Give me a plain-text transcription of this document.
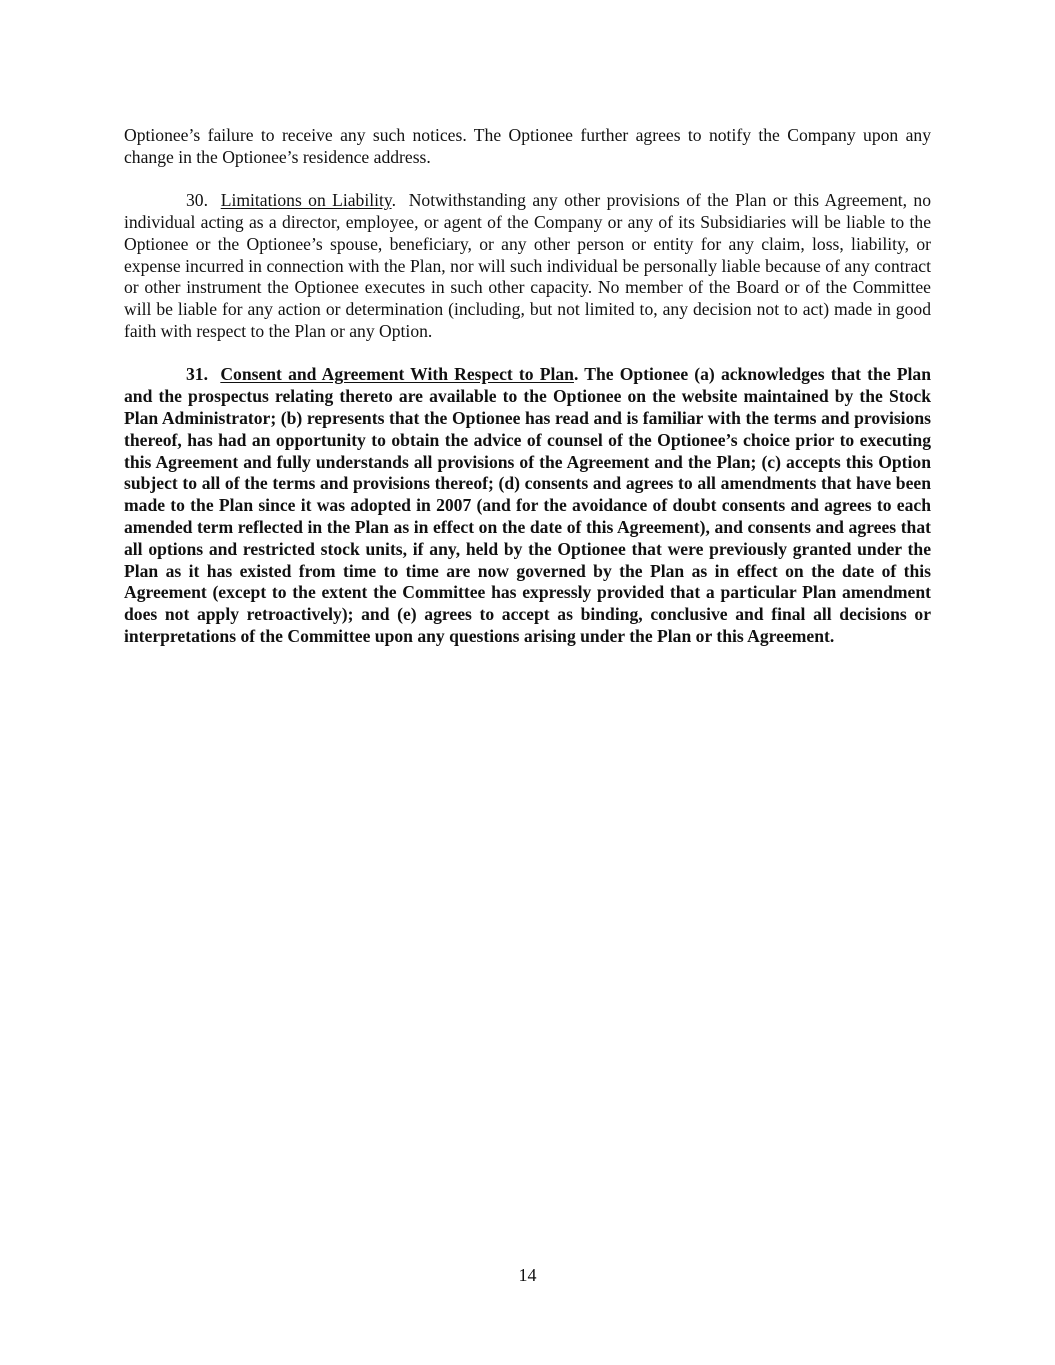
Optionee’s failure to receive any such notices. The Optionee further agrees to notify the Company upon any change in the Optionee’s residence address.

30. Limitations on Liability. Notwithstanding any other provisions of the Plan or this Agreement, no individual acting as a director, employee, or agent of the Company or any of its Subsidiaries will be liable to the Optionee or the Optionee’s spouse, beneficiary, or any other person or entity for any claim, loss, liability, or expense incurred in connection with the Plan, nor will such individual be personally liable because of any contract or other instrument the Optionee executes in such other capacity. No member of the Board or of the Committee will be liable for any action or determination (including, but not limited to, any decision not to act) made in good faith with respect to the Plan or any Option.

31. Consent and Agreement With Respect to Plan. The Optionee (a) acknowledges that the Plan and the prospectus relating thereto are available to the Optionee on the website maintained by the Stock Plan Administrator; (b) represents that the Optionee has read and is familiar with the terms and provisions thereof, has had an opportunity to obtain the advice of counsel of the Optionee’s choice prior to executing this Agreement and fully understands all provisions of the Agreement and the Plan; (c) accepts this Option subject to all of the terms and provisions thereof; (d) consents and agrees to all amendments that have been made to the Plan since it was adopted in 2007 (and for the avoidance of doubt consents and agrees to each amended term reflected in the Plan as in effect on the date of this Agreement), and consents and agrees that all options and restricted stock units, if any, held by the Optionee that were previously granted under the Plan as it has existed from time to time are now governed by the Plan as in effect on the date of this Agreement (except to the extent the Committee has expressly provided that a particular Plan amendment does not apply retroactively); and (e) agrees to accept as binding, conclusive and final all decisions or interpretations of the Committee upon any questions arising under the Plan or this Agreement.

14
